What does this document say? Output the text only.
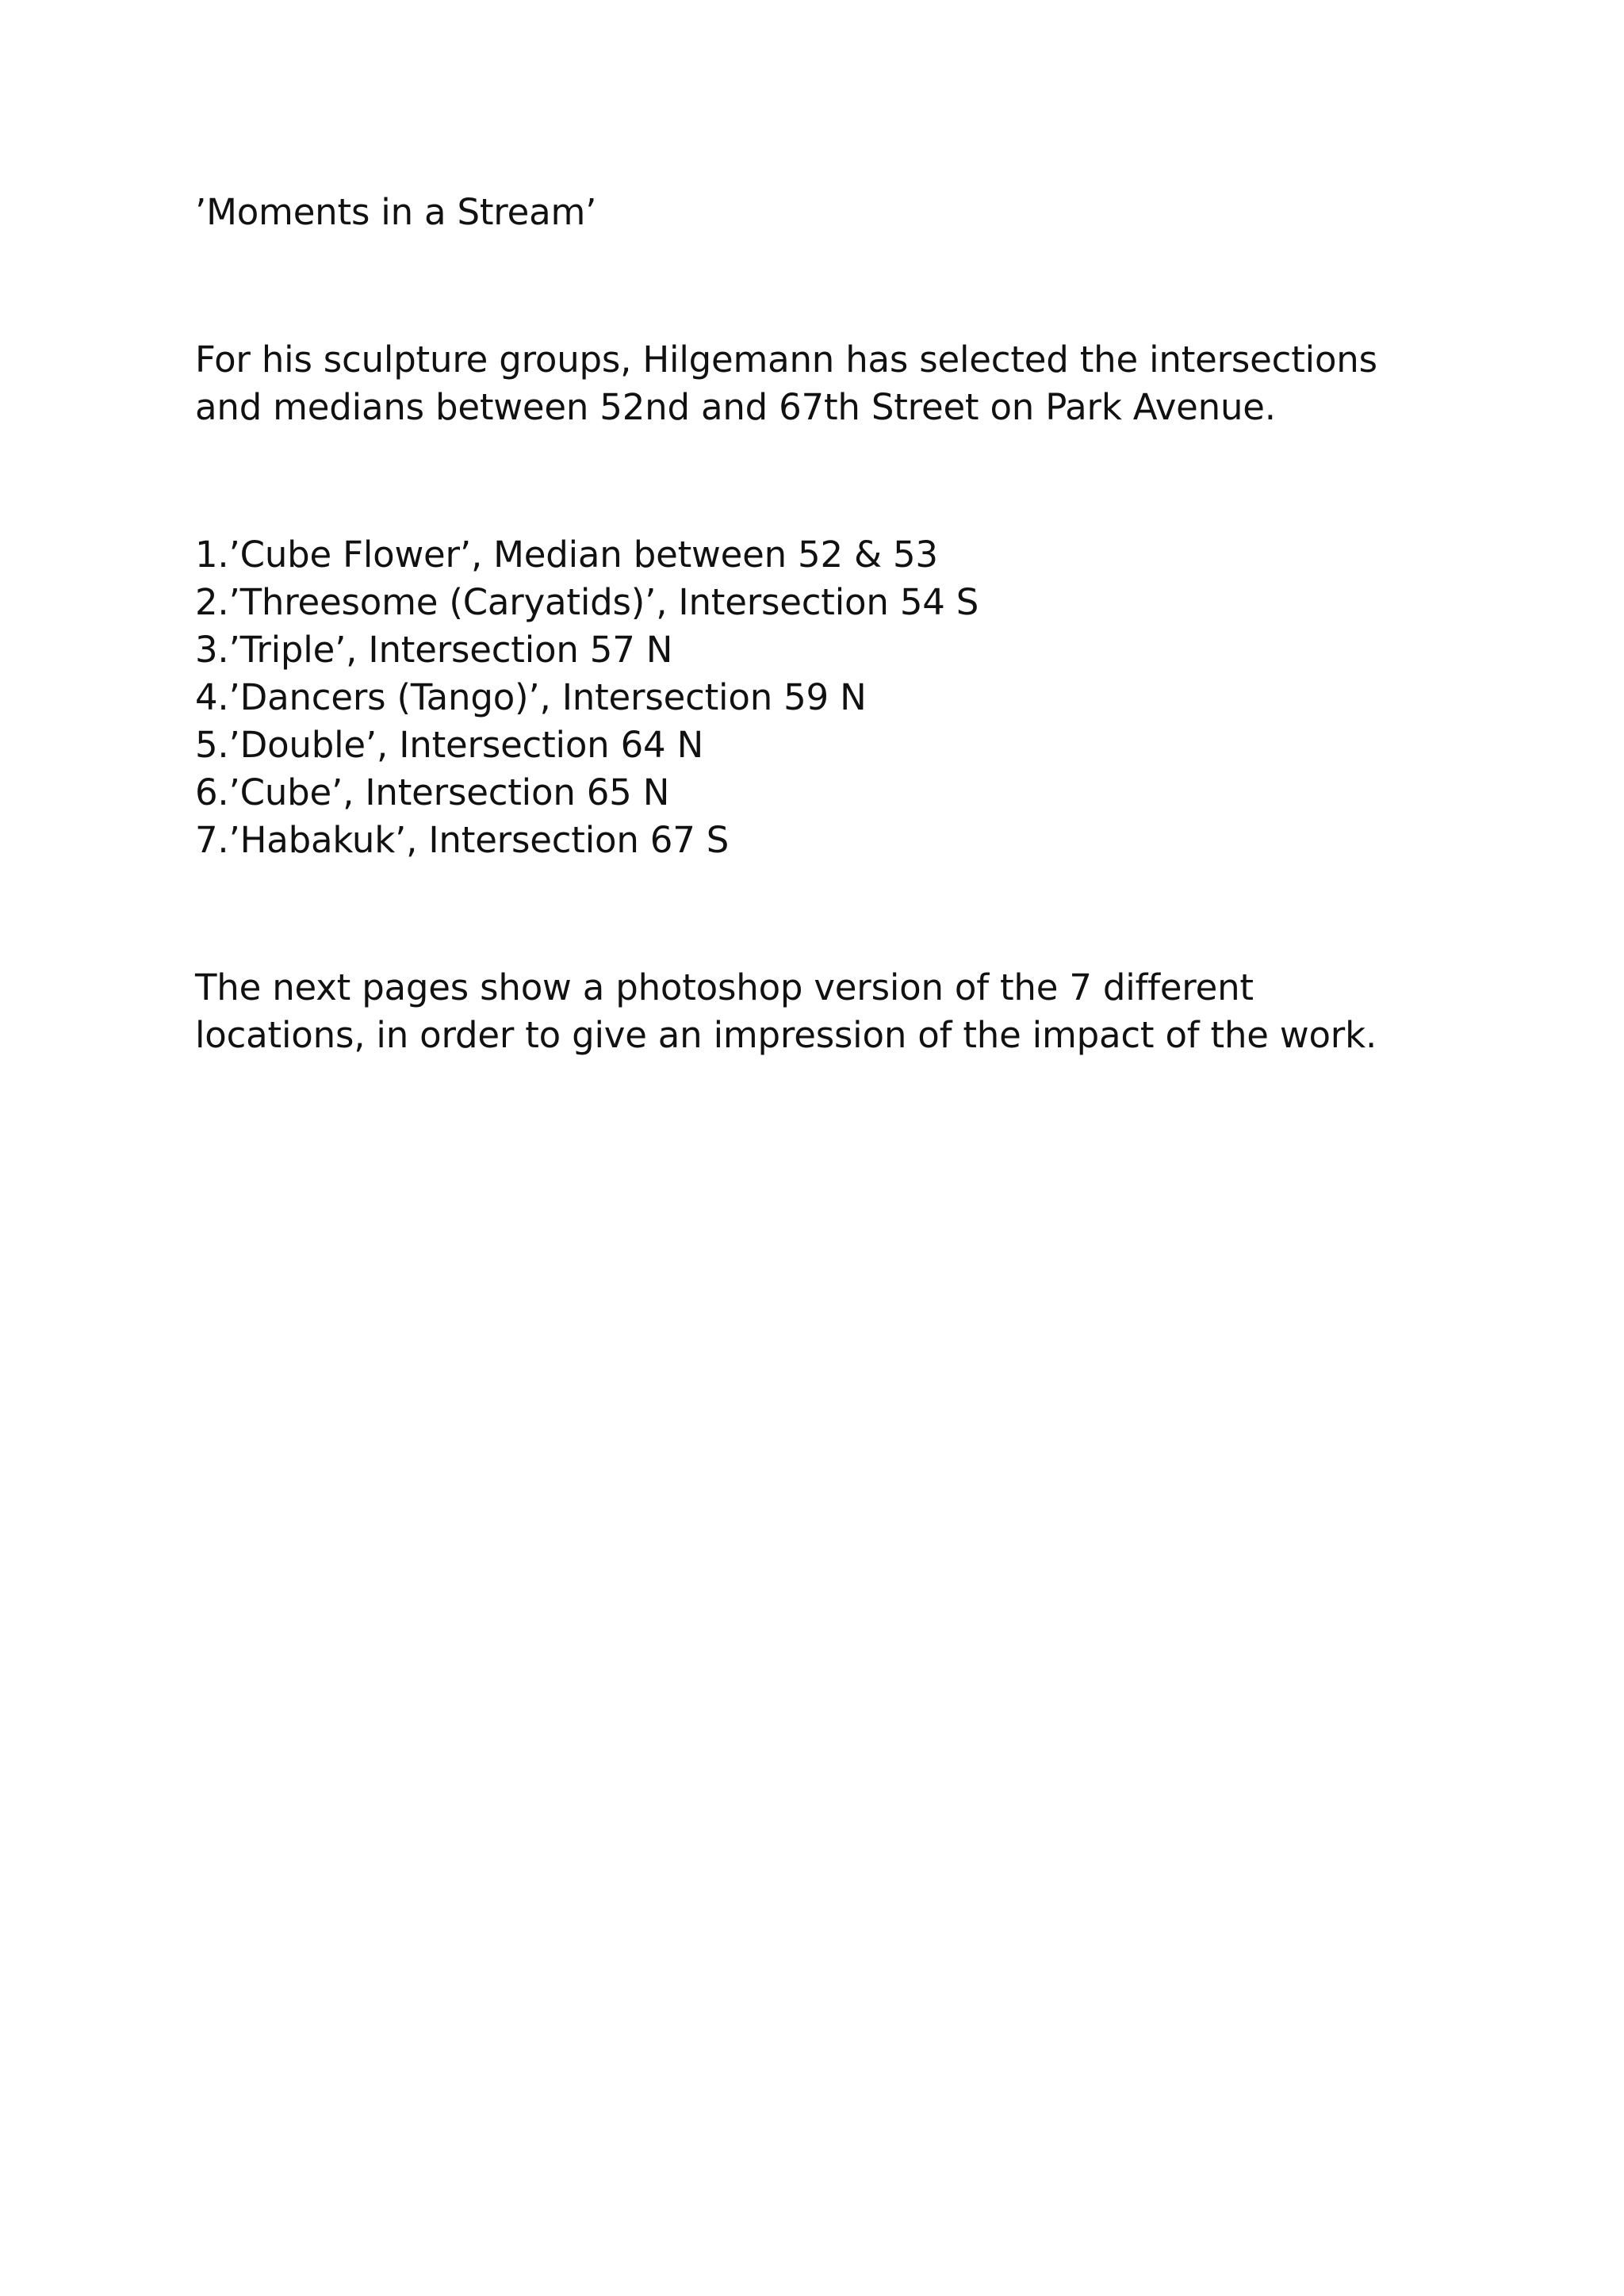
’Moments in a Stream’

For his sculpture groups, Hilgemann has selected the intersections and medians between 52nd and 67th Street on Park Avenue.

1.’Cube Flower’, Median between 52 & 53
2.’Threesome (Caryatids)’, Intersection 54 S
3.’Triple’, Intersection 57 N
4.’Dancers (Tango)’, Intersection 59 N
5.’Double’, Intersection 64 N
6.’Cube’, Intersection 65 N
7.’Habakuk’, Intersection 67 S

The next pages show a photoshop version of the 7 different locations, in order to give an impression of the impact of the work.
